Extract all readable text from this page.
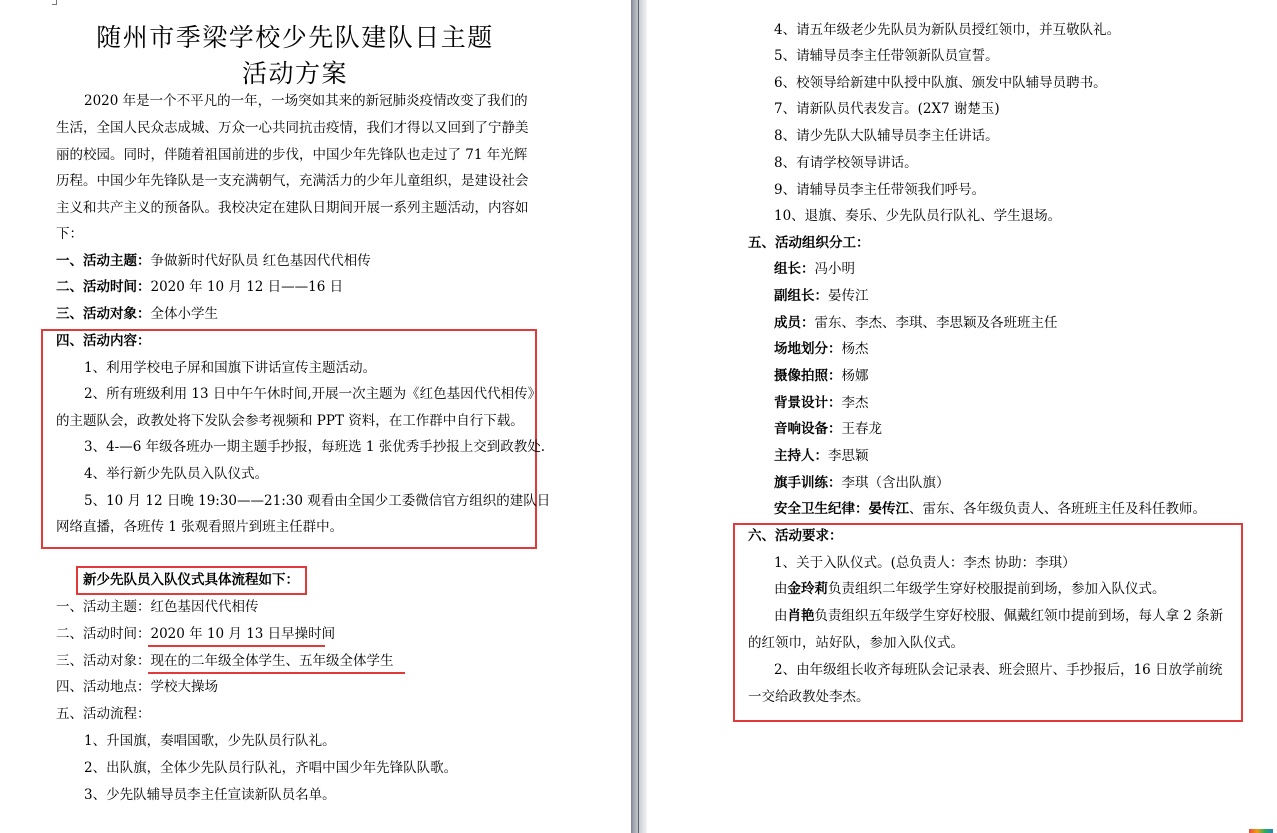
随州市季梁学校少先队建队日主题
活动方案
2020 年是一个不平凡的一年，一场突如其来的新冠肺炎疫情改变了我们的
生活，全国人民众志成城、万众一心共同抗击疫情，我们才得以又回到了宁静美
丽的校园。同时，伴随着祖国前进的步伐，中国少年先锋队也走过了 71 年光辉
历程。中国少年先锋队是一支充满朝气，充满活力的少年儿童组织，是建设社会
主义和共产主义的预备队。我校决定在建队日期间开展一系列主题活动，内容如
下：
一、活动主题：争做新时代好队员 红色基因代代相传
二、活动时间：2020 年 10 月 12 日——16 日
三、活动对象：全体小学生
四、活动内容：
1、利用学校电子屏和国旗下讲话宣传主题活动。
2、所有班级利用 13 日中午午休时间,开展一次主题为《红色基因代代相传》
的主题队会，政教处将下发队会参考视频和 PPT 资料，在工作群中自行下载。
3、4-—6 年级各班办一期主题手抄报，每班选 1 张优秀手抄报上交到政教处.
4、举行新少先队员入队仪式。
5、10 月 12 日晚 19:30——21:30 观看由全国少工委微信官方组织的建队日
网络直播，各班传 1 张观看照片到班主任群中。
新少先队员入队仪式具体流程如下：
一、活动主题：红色基因代代相传
二、活动时间：2020 年 10 月 13 日早操时间
三、活动对象：现在的二年级全体学生、五年级全体学生
四、活动地点：学校大操场
五、活动流程：
1、升国旗，奏唱国歌，少先队员行队礼。
2、出队旗，全体少先队员行队礼，齐唱中国少年先锋队队歌。
3、少先队辅导员李主任宣读新队员名单。
4、请五年级老少先队员为新队员授红领巾，并互敬队礼。
5、请辅导员李主任带领新队员宣誓。
6、校领导给新建中队授中队旗、颁发中队辅导员聘书。
7、请新队员代表发言。(2X7 谢楚玉)
8、请少先队大队辅导员李主任讲话。
8、有请学校领导讲话。
9、请辅导员李主任带领我们呼号。
10、退旗、奏乐、少先队员行队礼、学生退场。
五、活动组织分工：
组长：冯小明
副组长：晏传江
成员：雷东、李杰、李琪、李思颖及各班班主任
场地划分：杨杰
摄像拍照：杨娜
背景设计：李杰
音响设备：王春龙
主持人：李思颖
旗手训练：李琪（含出队旗）
安全卫生纪律：晏传江、雷东、各年级负责人、各班班主任及科任教师。
六、活动要求：
1、关于入队仪式。(总负责人：李杰 协助：李琪）
由金玲莉负责组织二年级学生穿好校服提前到场，参加入队仪式。
由肖艳负责组织五年级学生穿好校服、佩戴红领巾提前到场，每人拿 2 条新
的红领巾，站好队，参加入队仪式。
2、由年级组长收齐每班队会记录表、班会照片、手抄报后，16 日放学前统
一交给政教处李杰。
